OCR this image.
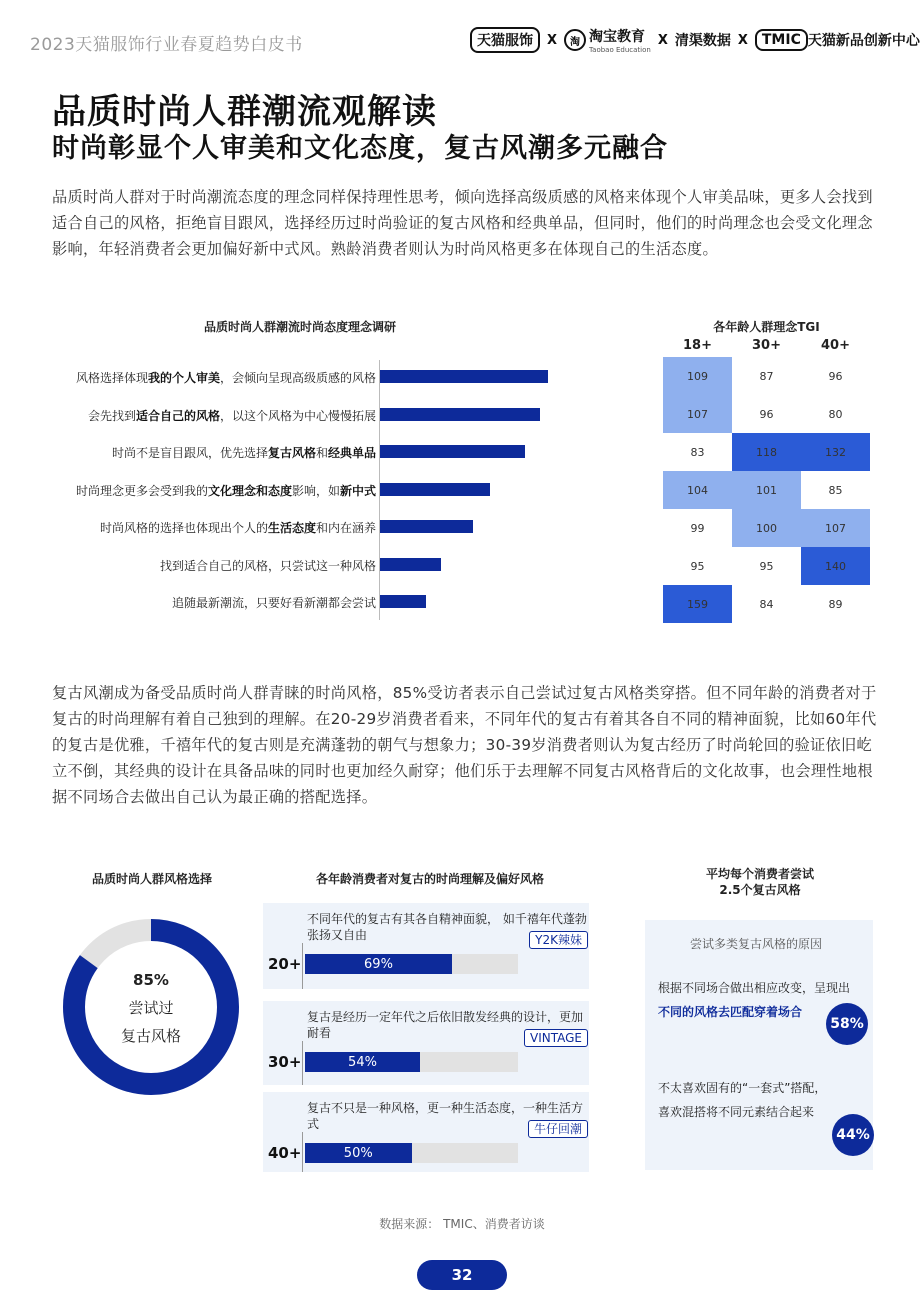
2023天猫服饰行业春夏趋势白皮书	天猫服饰	X	淘 淘宝教育
Taobao Education
X 清渠数据 X	TMIC 天猫新品创新中心
品质时尚人群潮流观解读
时尚彰显个人审美和文化态度，复古风潮多元融合
品质时尚人群对于时尚潮流态度的理念同样保持理性思考，倾向选择高级质感的风格来体现个人审美品味，更多人会找到适合自己的风格，拒绝盲目跟风，选择经历过时尚验证的复古风格和经典单品，但同时，他们的时尚理念也会受文化理念影响，年轻消费者会更加偏好新中式风。熟龄消费者则认为时尚风格更多在体现自己的生活态度。
品质时尚人群潮流时尚态度理念调研
风格选择体现我的个人审美，会倾向呈现高级质感的风格
会先找到适合自己的风格，以这个风格为中心慢慢拓展
时尚不是盲目跟风，优先选择复古风格和经典单品
时尚理念更多会受到我的文化理念和态度影响，如新中式
时尚风格的选择也体现出个人的生活态度和内在涵养
找到适合自己的风格，只尝试这一种风格
追随最新潮流，只要好看新潮都会尝试
各年龄人群理念TGI
18+	30+	40+
109	87	96
107	96	80
83	118	132
104	101	85
99	100	107
95	95	140
159	84	89
复古风潮成为备受品质时尚人群青睐的时尚风格，85%受访者表示自己尝试过复古风格类穿搭。但不同年龄的消费者对于复古的时尚理解有着自己独到的理解。在20-29岁消费者看来，不同年代的复古有着其各自不同的精神面貌，比如60年代的复古是优雅，千禧年代的复古则是充满蓬勃的朝气与想象力；30-39岁消费者则认为复古经历了时尚轮回的验证依旧屹立不倒，其经典的设计在具备品味的同时也更加经久耐穿；他们乐于去理解不同复古风格背后的文化故事，也会理性地根据不同场合去做出自己认为最正确的搭配选择。
品质时尚人群风格选择
85%
尝试过
复古风格
各年龄消费者对复古的时尚理解及偏好风格
不同年代的复古有其各自精神面貌， 如千禧年代蓬勃张扬又自由	Y2K辣妹
20+	69%
复古是经历一定年代之后依旧散发经典的设计，更加耐看	VINTAGE
30+	54%
复古不只是一种风格，更一种生活态度，一种生活方式	牛仔回潮
40+	50%
平均每个消费者尝试
2.5个复古风格
尝试多类复古风格的原因
根据不同场合做出相应改变，呈现出
不同的风格去匹配穿着场合
58%
不太喜欢固有的“一套式”搭配，
喜欢混搭将不同元素结合起来
44%
数据来源： TMIC、消费者访谈
32
